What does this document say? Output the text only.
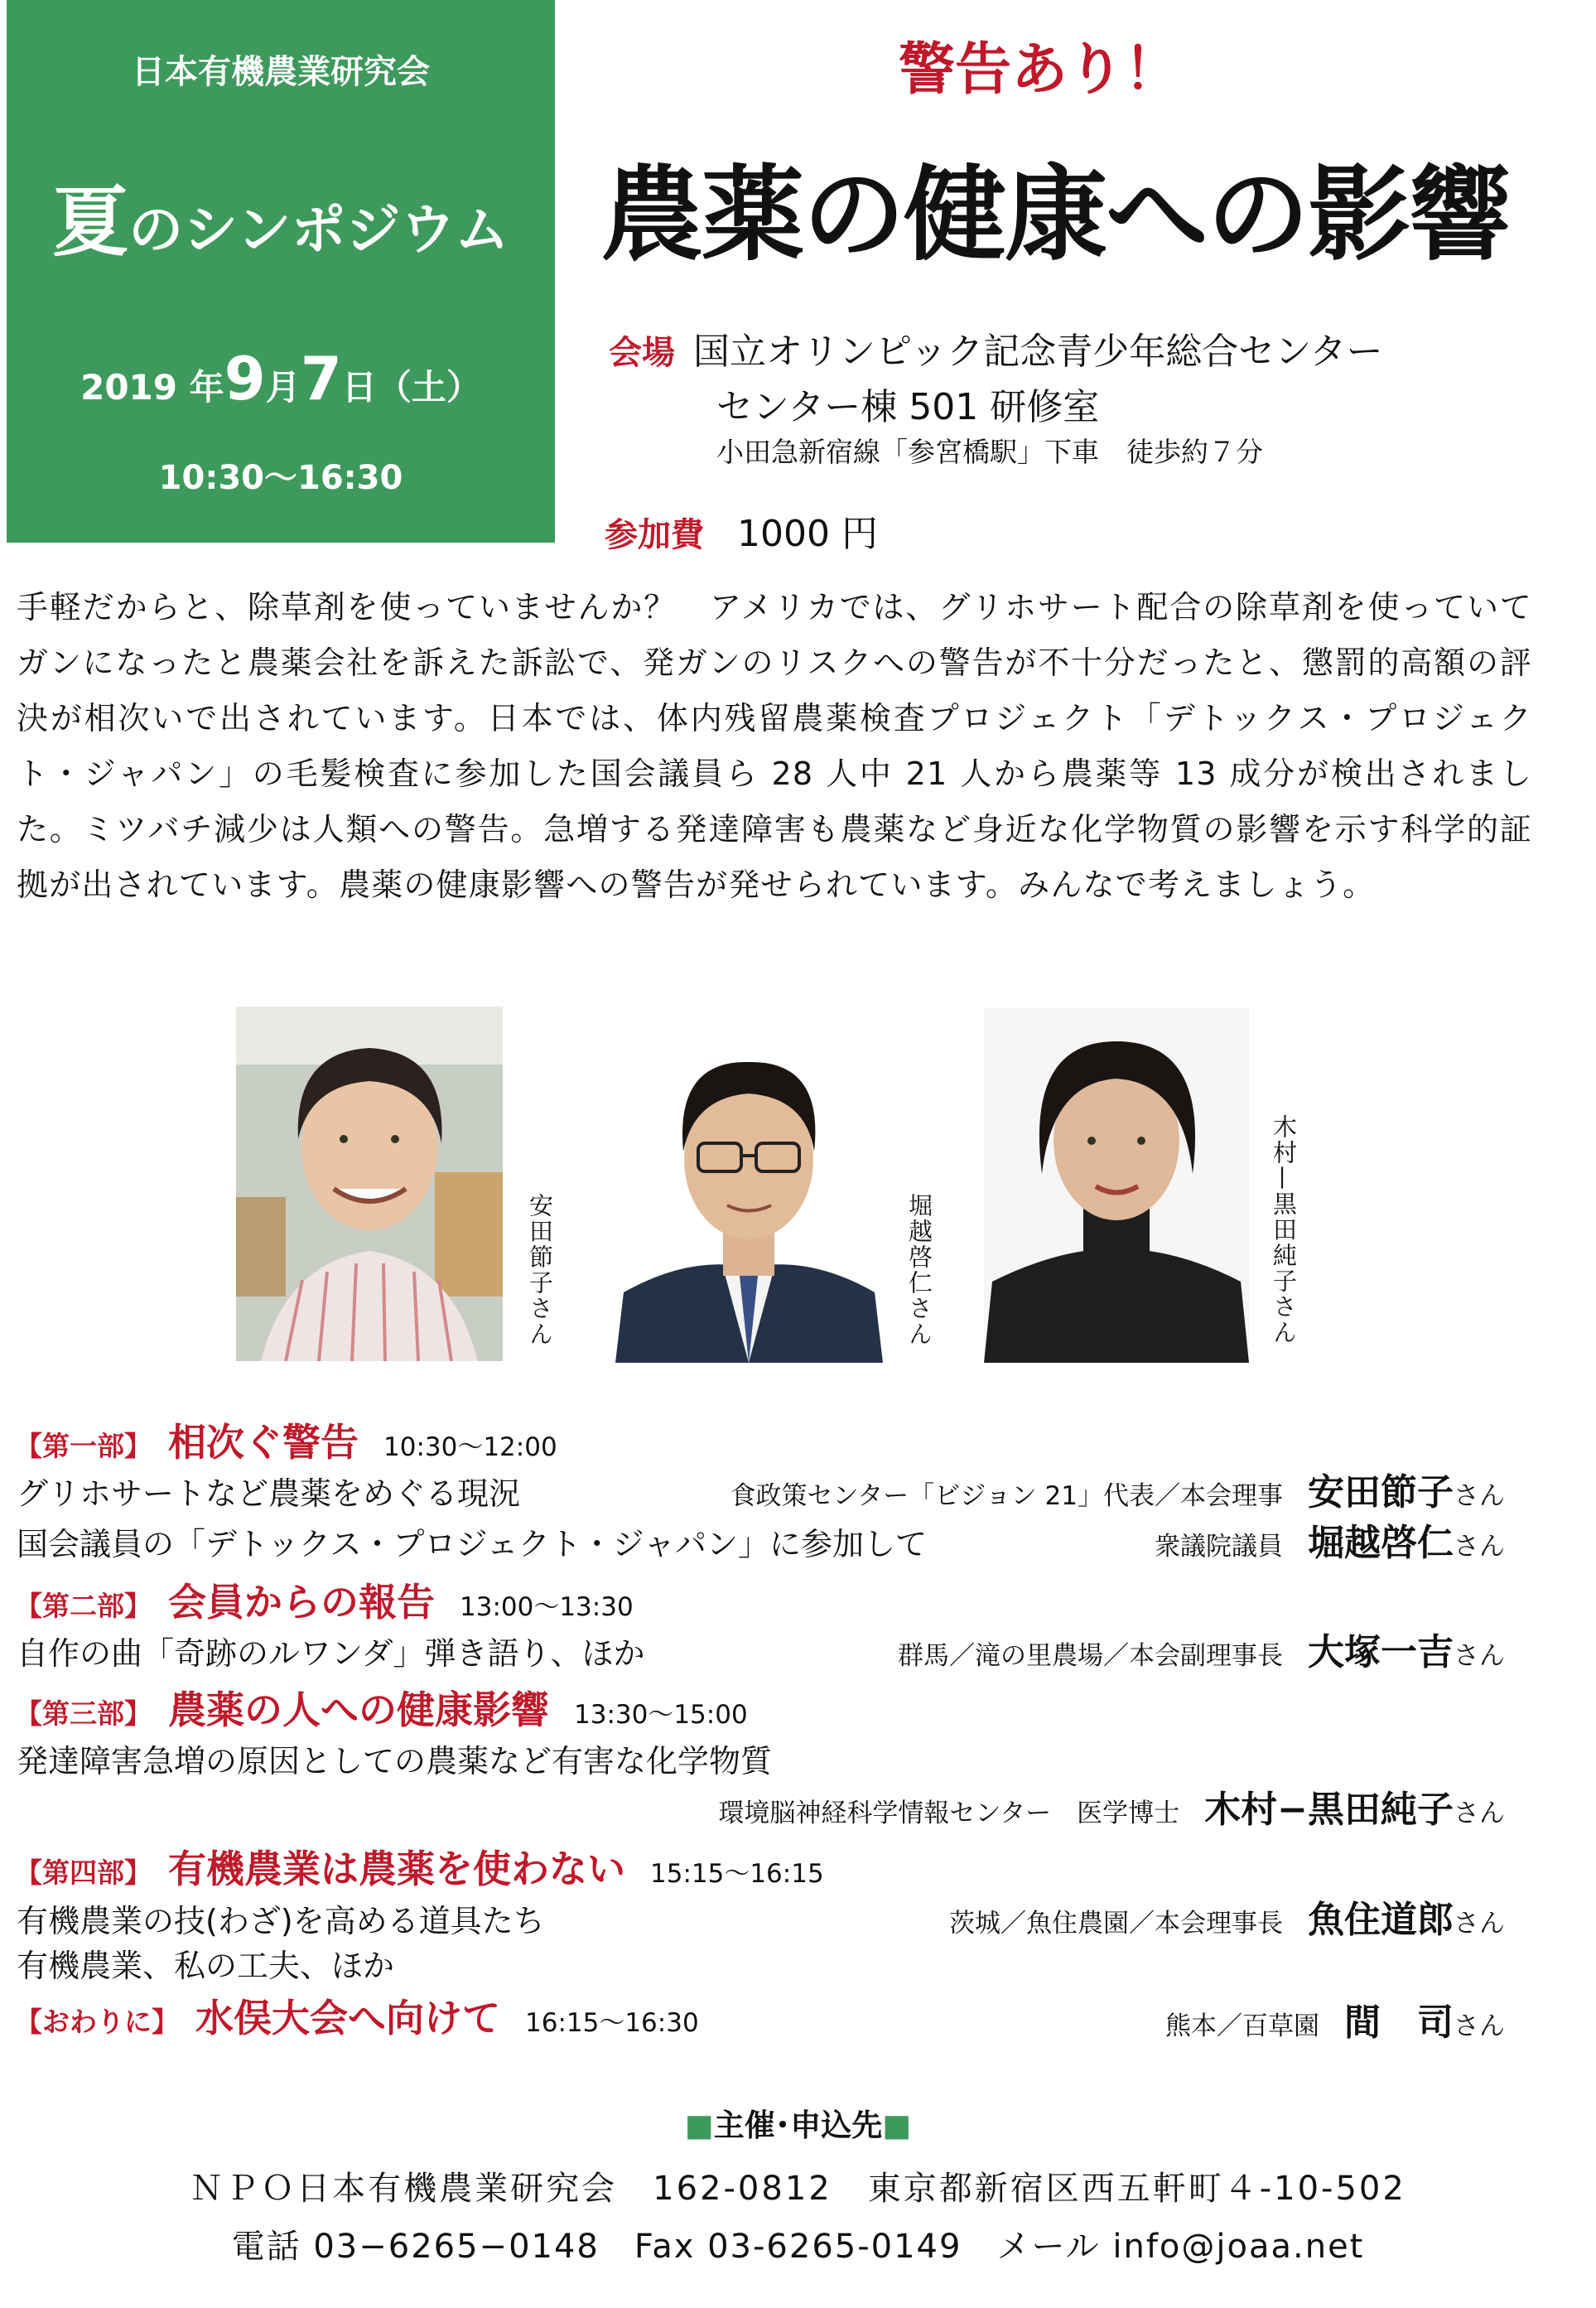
日本有機農業研究会
夏のシンポジウム
2019 年9月7日（土）
10:30〜16:30
警告あり！
農薬の健康への影響
会場 国立オリンピック記念青少年総合センター
センター棟 501 研修室
小田急新宿線「参宮橋駅」下車　徒歩約７分
参加費 1000 円
手軽だからと、除草剤を使っていませんか？　アメリカでは、グリホサート配合の除草剤を使っていてガンになったと農薬会社を訴えた訴訟で、発ガンのリスクへの警告が不十分だったと、懲罰的高額の評決が相次いで出されています。日本では、体内残留農薬検査プロジェクト「デトックス・プロジェクト・ジャパン」の毛髪検査に参加した国会議員ら 28 人中 21 人から農薬等 13 成分が検出されました。ミツバチ減少は人類への警告。急増する発達障害も農薬など身近な化学物質の影響を示す科学的証拠が出されています。農薬の健康影響への警告が発せられています。みんなで考えましょう。
安田節子さん	堀越啓仁さん	木村—黒田純子さん
【第一部】 相次ぐ警告 10:30〜12:00
グリホサートなど農薬をめぐる現況	食政策センター「ビジョン 21」代表／本会理事 安田節子さん
国会議員の「デトックス・プロジェクト・ジャパン」に参加して	衆議院議員 堀越啓仁さん
【第二部】 会員からの報告 13:00〜13:30
自作の曲「奇跡のルワンダ」弾き語り、ほか	群馬／滝の里農場／本会副理事長 大塚一吉さん
【第三部】 農薬の人への健康影響 13:30〜15:00
発達障害急増の原因としての農薬など有害な化学物質
環境脳神経科学情報センター　医学博士 木村−黒田純子さん
【第四部】 有機農業は農薬を使わない 15:15〜16:15
有機農業の技(わざ)を高める道具たち	茨城／魚住農園／本会理事長 魚住道郎さん
有機農業、私の工夫、ほか
【おわりに】 水俣大会へ向けて 16:15〜16:30	熊本／百草園 間　司さん
■主催･申込先■
ＮＰＯ日本有機農業研究会　162-0812　東京都新宿区西五軒町４-10-502
電話 03−6265−0148　Fax 03-6265-0149　メール info@joaa.net
